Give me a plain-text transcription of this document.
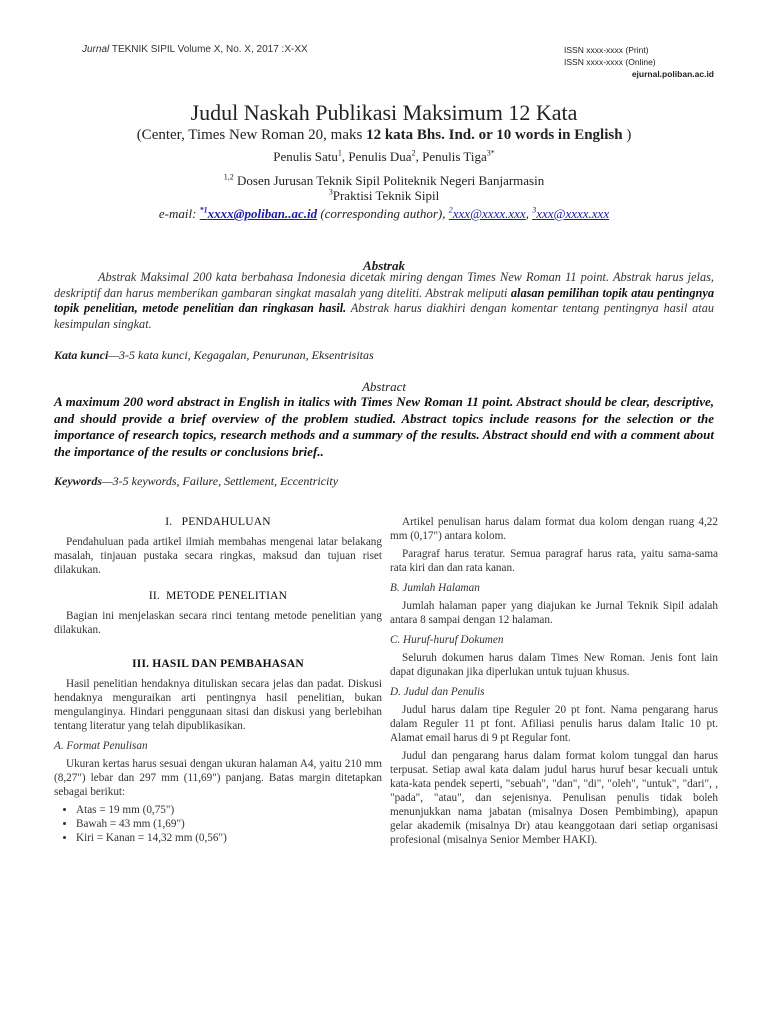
Jurnal TEKNIK SIPIL Volume X, No. X, 2017 :X-XX	ISSN xxxx-xxxx (Print)
ISSN xxxx-xxxx (Online)
ejurnal.poliban.ac.id
Judul Naskah Publikasi Maksimum 12 Kata
(Center, Times New Roman 20, maks 12 kata Bhs. Ind. or 10 words in English )
Penulis Satu$^1$, Penulis Dua$^2$, Penulis Tiga$^{3*}$
$^{1,2}$ Dosen Jurusan Teknik Sipil Politeknik Negeri Banjarmasin
$^3$Praktisi Teknik Sipil
e-mail: $^{*1}$xxxx@poliban..ac.id (corresponding author), $^2$xxx@xxxx.xxx, $^3$xxx@xxxx.xxx
Abstrak
Abstrak Maksimal 200 kata berbahasa Indonesia dicetak miring dengan Times New Roman 11 point. Abstrak harus jelas, deskriptif dan harus memberikan gambaran singkat masalah yang diteliti. Abstrak meliputi alasan pemilihan topik atau pentingnya topik penelitian, metode penelitian dan ringkasan hasil. Abstrak harus diakhiri dengan komentar tentang pentingnya hasil atau kesimpulan singkat.
Kata kunci—3-5 kata kunci, Kegagalan, Penurunan, Eksentrisitas
Abstract
A maximum 200 word abstract in English in italics with Times New Roman 11 point. Abstract should be clear, descriptive, and should provide a brief overview of the problem studied. Abstract topics include reasons for the selection or the importance of research topics, research methods and a summary of the results. Abstract should end with a comment about the importance of the results or conclusions brief..
Keywords—3-5 keywords, Failure, Settlement, Eccentricity
I. PENDAHULUAN
Pendahuluan pada artikel ilmiah membahas mengenai latar belakang masalah, tinjauan pustaka secara ringkas, maksud dan tujuan riset dilakukan.
II. METODE PENELITIAN
Bagian ini menjelaskan secara rinci tentang metode penelitian yang dilakukan.
III. HASIL DAN PEMBAHASAN
Hasil penelitian hendaknya dituliskan secara jelas dan padat. Diskusi hendaknya menguraikan arti pentingnya hasil penelitian, bukan mengulanginya. Hindari penggunaan sitasi dan diskusi yang berlebihan tentang literatur yang telah dipublikasikan.
A. Format Penulisan
Ukuran kertas harus sesuai dengan ukuran halaman A4, yaitu 210 mm (8,27") lebar dan 297 mm (11,69") panjang. Batas margin ditetapkan sebagai berikut:
• Atas = 19 mm (0,75")
• Bawah = 43 mm (1,69")
• Kiri = Kanan = 14,32 mm (0,56")
Artikel penulisan harus dalam format dua kolom dengan ruang 4,22 mm (0,17") antara kolom.
Paragraf harus teratur. Semua paragraf harus rata, yaitu sama-sama rata kiri dan dan rata kanan.
B. Jumlah Halaman
Jumlah halaman paper yang diajukan ke Jurnal Teknik Sipil adalah antara 8 sampai dengan 12 halaman.
C. Huruf-huruf Dokumen
Seluruh dokumen harus dalam Times New Roman. Jenis font lain dapat digunakan jika diperlukan untuk tujuan khusus.
D. Judul dan Penulis
Judul harus dalam tipe Reguler 20 pt font. Nama pengarang harus dalam Reguler 11 pt font. Afiliasi penulis harus dalam Italic 10 pt. Alamat email harus di 9 pt Regular font.
Judul dan pengarang harus dalam format kolom tunggal dan harus terpusat. Setiap awal kata dalam judul harus huruf besar kecuali untuk kata-kata pendek seperti, "sebuah", "dan", "di", "oleh", "untuk", "dari", , "pada", "atau", dan sejenisnya. Penulisan penulis tidak boleh menunjukkan nama jabatan (misalnya Dosen Pembimbing), apapun gelar akademik (misalnya Dr) atau keanggotaan dari setiap organisasi profesional (misalnya Senior Member HAKI).
